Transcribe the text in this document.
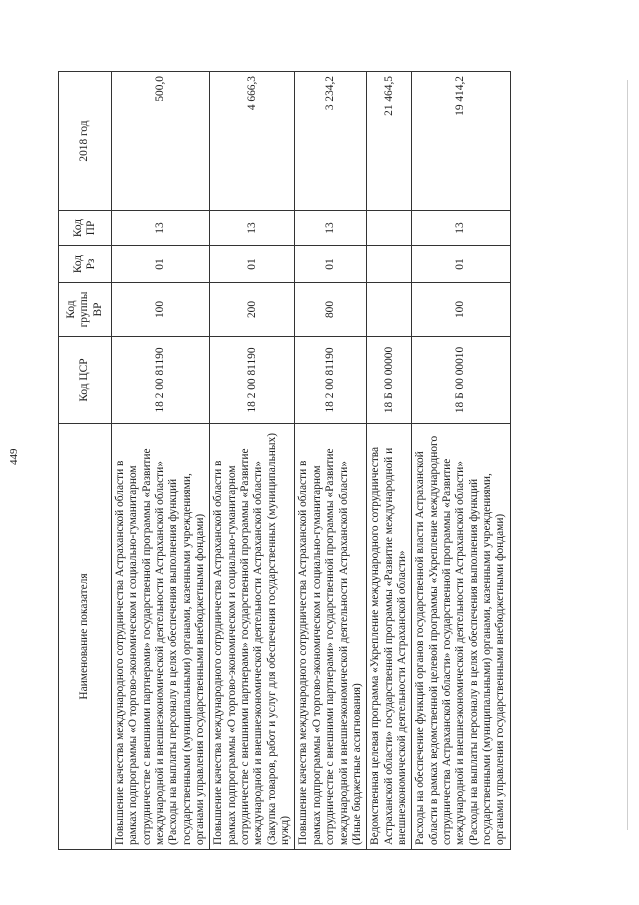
449
Наименование показателя	Код ЦСР	Код группы ВР	Код Рз	Код ПР	2018 год
Повышение качества международного сотрудничества Астраханской области в рамках подпрограммы «О торгово-экономическом и социально-гуманитарном сотрудничестве с внешними партнерами» государственной программы «Развитие международной и внешнеэкономической деятельности Астраханской области» (Расходы на выплаты персоналу в целях обеспечения выполнения функций государственными (муниципальными) органами, казенными учреждениями, органами управления государственными внебюджетными фондами)	18 2 00 81190	100	01	13	500,0
Повышение качества международного сотрудничества Астраханской области в рамках подпрограммы «О торгово-экономическом и социально-гуманитарном сотрудничестве с внешними партнерами» государственной программы «Развитие международной и внешнеэкономической деятельности Астраханской области» (Закупка товаров, работ и услуг для обеспечения государственных (муниципальных) нужд)	18 2 00 81190	200	01	13	4 666,3
Повышение качества международного сотрудничества Астраханской области в рамках подпрограммы «О торгово-экономическом и социально-гуманитарном сотрудничестве с внешними партнерами» государственной программы «Развитие международной и внешнеэкономической деятельности Астраханской области» (Иные бюджетные ассигнования)	18 2 00 81190	800	01	13	3 234,2
Ведомственная целевая программа «Укрепление международного сотрудничества Астраханской области» государственной программы «Развитие международной и внешнеэкономической деятельности Астраханской области»	18 Б 00 00000				21 464,5
Расходы на обеспечение функций органов государственной власти Астраханской области в рамках ведомственной целевой программы «Укрепление международного сотрудничества Астраханской области» государственной программы «Развитие международной и внешнеэкономической деятельности Астраханской области» (Расходы на выплаты персоналу в целях обеспечения выполнения функций государственными (муниципальными) органами, казенными учреждениями, органами управления государственными внебюджетными фондами)	18 Б 00 00010	100	01	13	19 414,2
